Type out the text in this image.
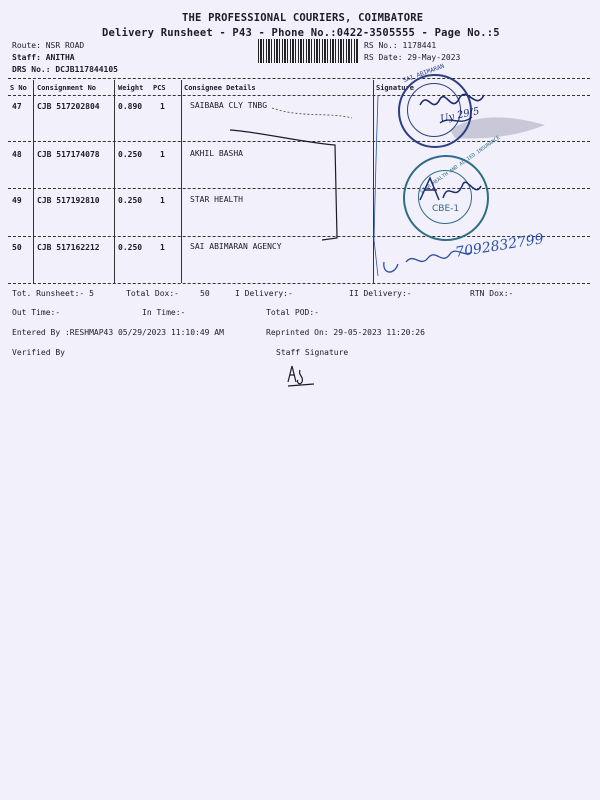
THE PROFESSIONAL COURIERS, COIMBATORE
Delivery Runsheet - P43 - Phone No.:0422-3505555 - Page No.:5
Route: NSR ROAD
Staff: ANITHA
DRS No.: DCJB117844105
RS No.: 1178441
RS Date: 29-May-2023
S No Consignment No	Weight PCS	Consignee Details	Signature
47 CJB 517202804 0.890 1	SAIBABA CLY TNBG
48 CJB 517174078 0.250 1	AKHIL BASHA
49 CJB 517192810 0.250 1	STAR HEALTH
50 CJB 517162212 0.250 1	SAI ABIMARAN AGENCY
SAI ABIMARAN
Uy 29/5
STAR HEALTH AND ALLIED INSURANCE
CBE-1
7092832799
Tot. Runsheet:- 5	Total Dox:-	50	I Delivery:-	II Delivery:-	RTN Dox:-
Out Time:-	In Time:-	Total POD:-
Entered By :RESHMAP43 05/29/2023 11:10:49 AM	Reprinted On: 29-05-2023 11:20:26
Verified By	Staff Signature
